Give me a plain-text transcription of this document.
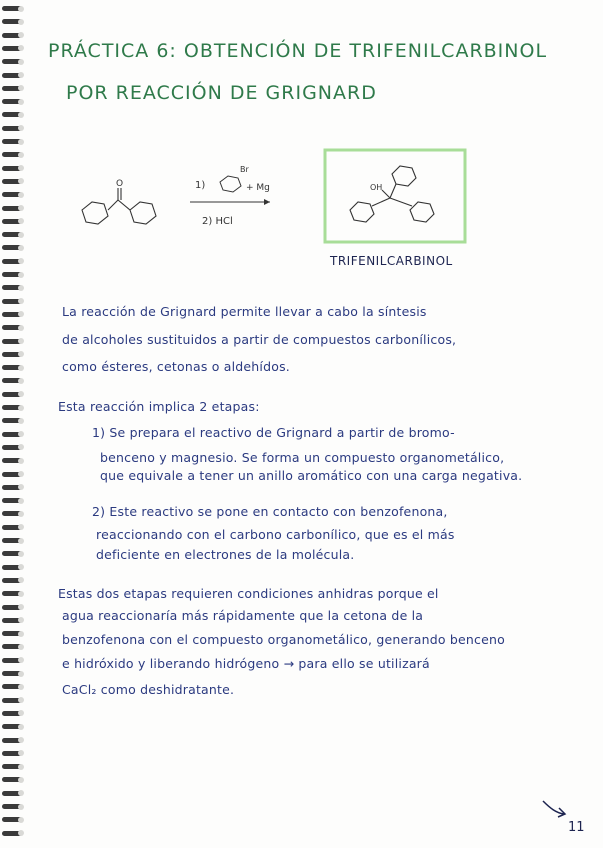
PRÁCTICA 6: OBTENCIÓN DE TRIFENILCARBINOL
POR REACCIÓN DE GRIGNARD
O	1)
Br
+ Mg
2) HCl
OH
TRIFENILCARBINOL
La reacción de Grignard permite llevar a cabo la síntesis
de alcoholes sustituidos a partir de compuestos carbonílicos,
como ésteres, cetonas o aldehídos.
Esta reacción implica 2 etapas:
1) Se prepara el reactivo de Grignard a partir de bromo-
benceno y magnesio. Se forma un compuesto organometálico,
que equivale a tener un anillo aromático con una carga negativa.
2) Este reactivo se pone en contacto con benzofenona,
reaccionando con el carbono carbonílico, que es el más
deficiente en electrones de la molécula.
Estas dos etapas requieren condiciones anhidras porque el
agua reaccionaría más rápidamente que la cetona de la
benzofenona con el compuesto organometálico, generando benceno
e hidróxido y liberando hidrógeno → para ello se utilizará
CaCl₂ como deshidratante.
11
